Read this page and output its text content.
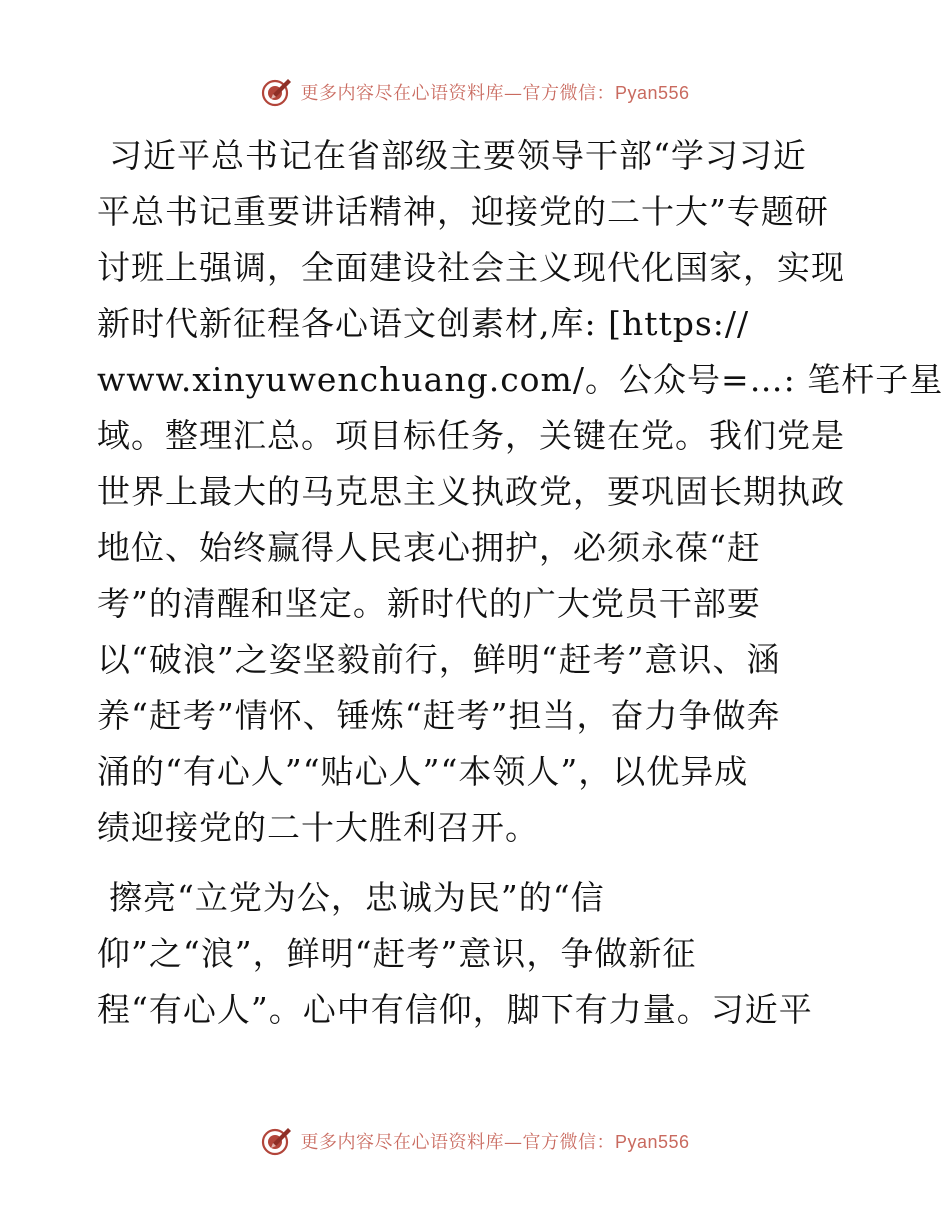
更多内容尽在心语资料库—官方微信：Pyan556
习近平总书记在省部级主要领导干部“学习习近
平总书记重要讲话精神，迎接党的二十大”专题研
讨班上强调，全面建设社会主义现代化国家，实现
新时代新征程各心语文创素材,库: [https://
www.xinyuwenchuang.com/。公众号=…: 笔杆子星
域。整理汇总。项目标任务，关键在党。我们党是
世界上最大的马克思主义执政党，要巩固长期执政
地位、始终赢得人民衷心拥护，必须永葆“赶
考”的清醒和坚定。新时代的广大党员干部要
以“破浪”之姿坚毅前行，鲜明“赶考”意识、涵
养“赶考”情怀、锤炼“赶考”担当，奋力争做奔
涌的“有心人”“贴心人”“本领人”，以优异成
绩迎接党的二十大胜利召开。
擦亮“立党为公，忠诚为民”的“信
仰”之“浪”，鲜明“赶考”意识，争做新征
程“有心人”。心中有信仰，脚下有力量。习近平
更多内容尽在心语资料库—官方微信：Pyan556
